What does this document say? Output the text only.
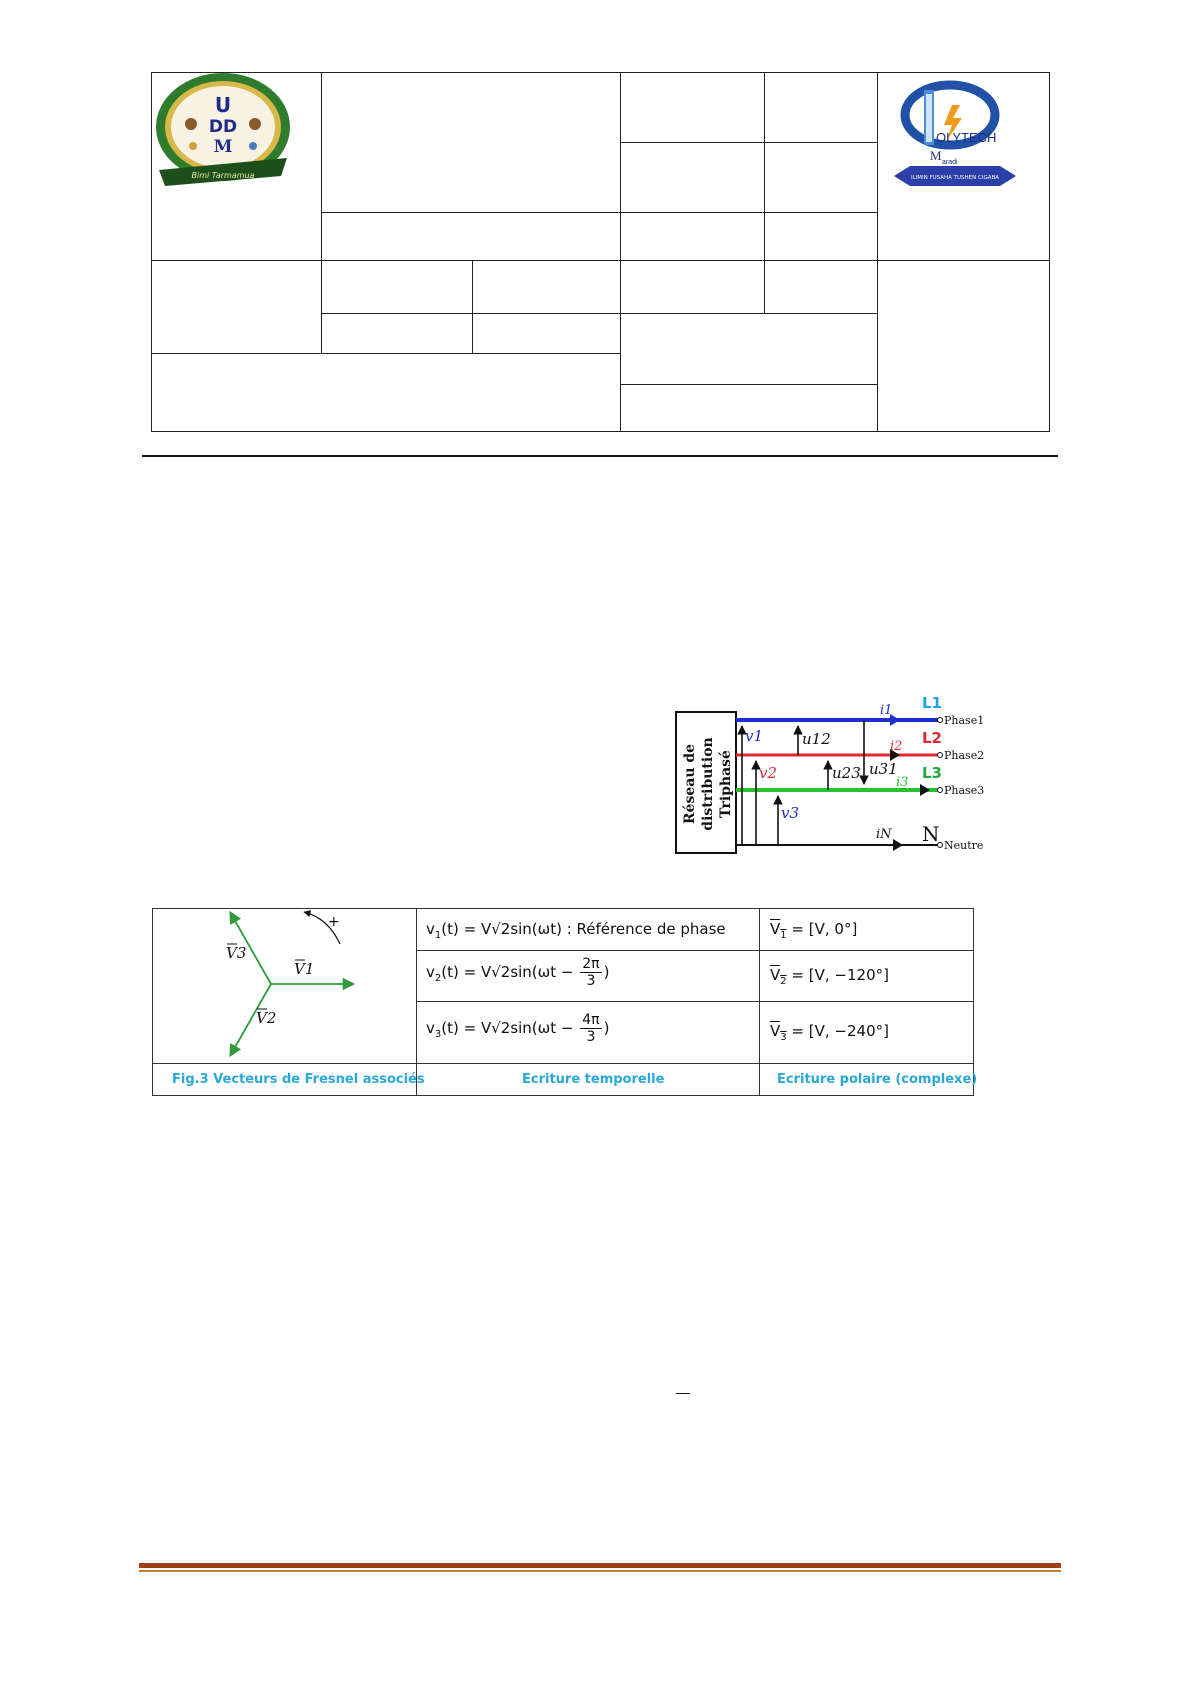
Bimi Tarmamua
U
DD
M	OLYTECH
M aradi
ILIMIN FUSAHA TUSHEN CIGABA
Réseau de distribution Triphasé
v1
v2
v3
u12
u23 u31
i1
i2
i3
iN
L1
L2
L3
N
Phase1
Phase2
Phase3
Neutre
+
V1
V3
V2
$v_1(t) = V√2\sin(\omega t)$ : Référence de phase	$\overline{V}_1 = [V$, 0°]
$v_2(t) = V√2\sin(\omega t - \frac{2\pi}{3}$ )	$\overline{V}_2 = [V$, −120°]
$v_3(t) = V√2\sin(\omega t - \frac{4\pi}{3}$ )	$\overline{V}_3 = [V$, −240°]
Fig.3 Vecteurs de Fresnel associés	Ecriture temporelle	Ecriture polaire (complexe)
